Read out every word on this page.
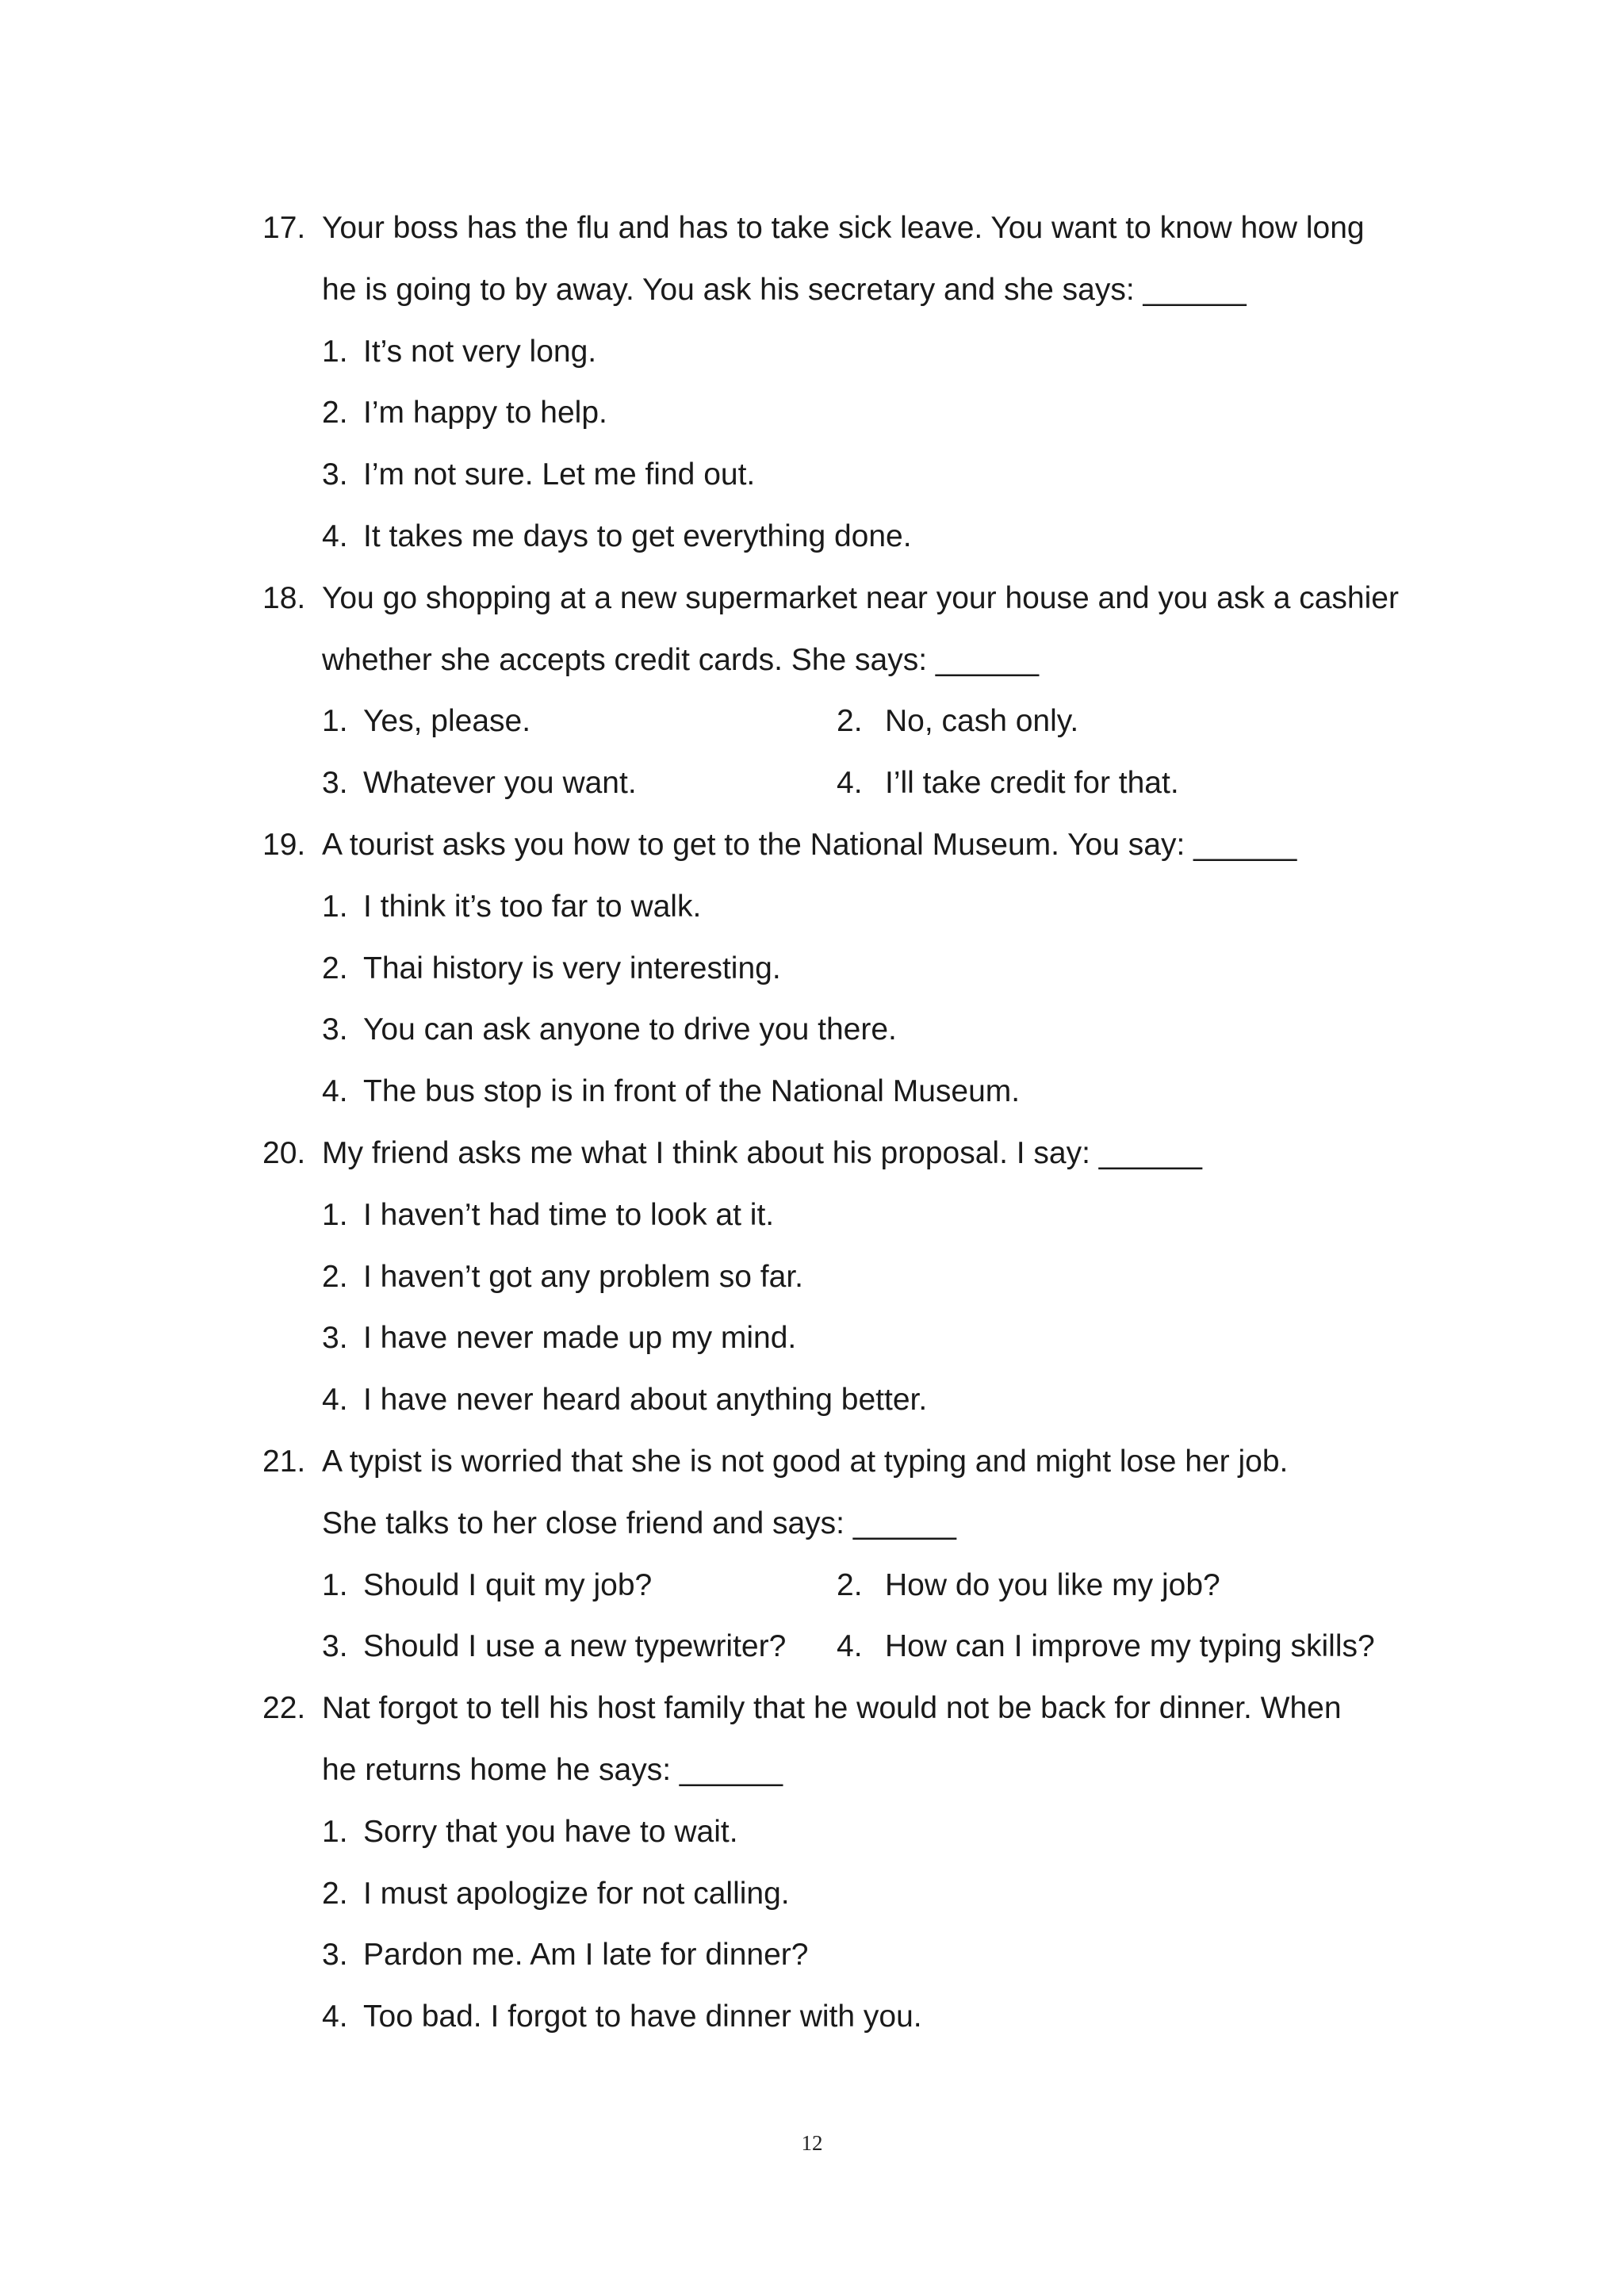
17. Your boss has the flu and has to take sick leave. You want to know how long
he is going to by away. You ask his secretary and she says: ______
1. It’s not very long.
2. I’m happy to help.
3. I’m not sure. Let me find out.
4. It takes me days to get everything done.
18. You go shopping at a new supermarket near your house and you ask a cashier
whether she accepts credit cards. She says: ______
1. Yes, please.	2. No, cash only.
3. Whatever you want.	4. I’ll take credit for that.
19. A tourist asks you how to get to the National Museum. You say: ______
1. I think it’s too far to walk.
2. Thai history is very interesting.
3. You can ask anyone to drive you there.
4. The bus stop is in front of the National Museum.
20. My friend asks me what I think about his proposal. I say: ______
1. I haven’t had time to look at it.
2. I haven’t got any problem so far.
3. I have never made up my mind.
4. I have never heard about anything better.
21. A typist is worried that she is not good at typing and might lose her job.
She talks to her close friend and says: ______
1. Should I quit my job?	2. How do you like my job?
3. Should I use a new typewriter? 4. How can I improve my typing skills?
22. Nat forgot to tell his host family that he would not be back for dinner. When
he returns home he says: ______
1. Sorry that you have to wait.
2. I must apologize for not calling.
3. Pardon me. Am I late for dinner?
4. Too bad. I forgot to have dinner with you.
12
